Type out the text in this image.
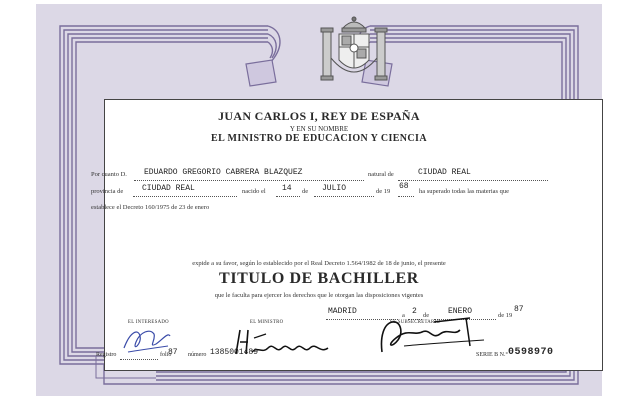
JUAN CARLOS I, REY DE ESPAÑA
Y EN SU NOMBRE
EL MINISTRO DE EDUCACION Y CIENCIA
Por cuanto D. EDUARDO GREGORIO CABRERA BLAZQUEZ	natural de	CIUDAD REAL
provincia de CIUDAD REAL	nacido el 14 de JULIO	de 19
68
ha superado todas las materias que
establece el Decreto 160/1975 de 23 de enero
expide a su favor, según lo establecido por el Real Decreto 1.564/1982 de 18 de junio, el presente
TITULO DE BACHILLER
que le faculta para ejercer los derechos que le otorgan las disposiciones vigentes
MADRID	a 2 de ENERO	de 19
87
EL INTERESADO	EL MINISTRO	EL SUBSECRETARIO
Registro	folio
87 número 1385001489	SERIE B N.° 0598970
